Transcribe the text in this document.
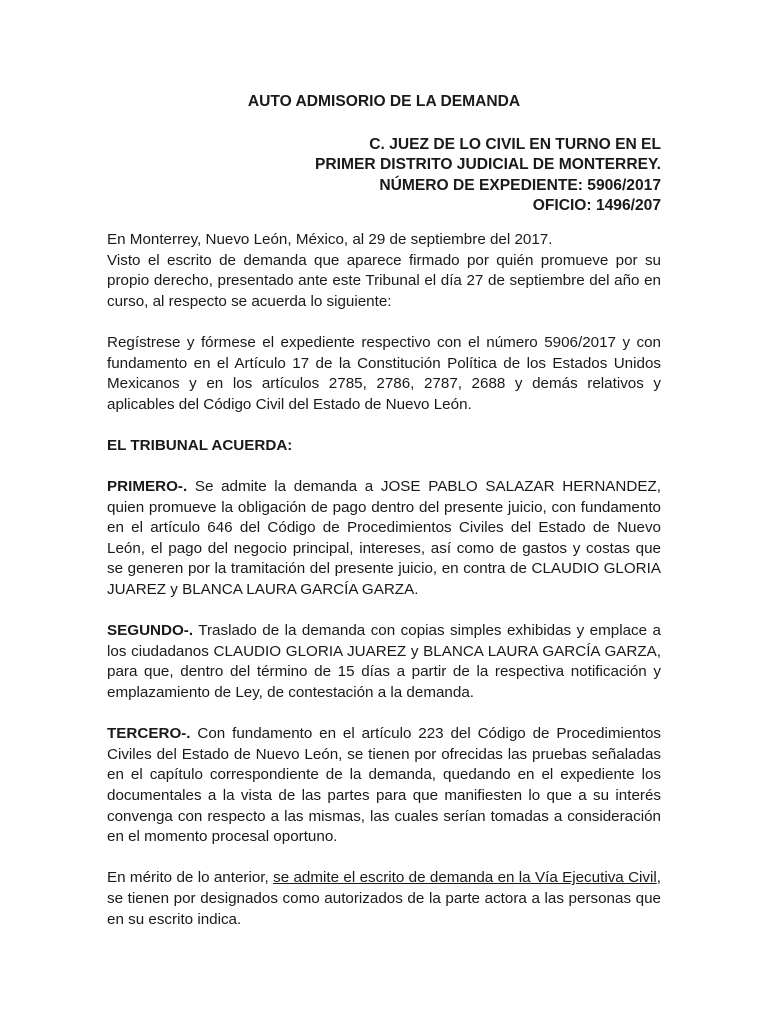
AUTO ADMISORIO DE LA DEMANDA
C. JUEZ DE LO CIVIL EN TURNO EN EL
PRIMER DISTRITO JUDICIAL DE MONTERREY.
NÚMERO DE EXPEDIENTE: 5906/2017
OFICIO: 1496/207

En Monterrey, Nuevo León, México, al 29 de septiembre del 2017.

Visto el escrito de demanda que aparece firmado por quién promueve por su propio derecho, presentado ante este Tribunal el día 27 de septiembre del año en curso, al respecto se acuerda lo siguiente:

Regístrese y fórmese el expediente respectivo con el número 5906/2017 y con fundamento en el Artículo 17 de la Constitución Política de los Estados Unidos Mexicanos y en los artículos 2785, 2786, 2787, 2688 y demás relativos y aplicables del Código Civil del Estado de Nuevo León.

EL TRIBUNAL ACUERDA:

PRIMERO-. Se admite la demanda a JOSE PABLO SALAZAR HERNANDEZ, quien promueve la obligación de pago dentro del presente juicio, con fundamento en el artículo 646 del Código de Procedimientos Civiles del Estado de Nuevo León, el pago del negocio principal, intereses, así como de gastos y costas que se generen por la tramitación del presente juicio, en contra de CLAUDIO GLORIA JUAREZ y BLANCA LAURA GARCÍA GARZA.

SEGUNDO-. Traslado de la demanda con copias simples exhibidas y emplace a los ciudadanos CLAUDIO GLORIA JUAREZ y BLANCA LAURA GARCÍA GARZA, para que, dentro del término de 15 días a partir de la respectiva notificación y emplazamiento de Ley, de contestación a la demanda.

TERCERO-. Con fundamento en el artículo 223 del Código de Procedimientos Civiles del Estado de Nuevo León, se tienen por ofrecidas las pruebas señaladas en el capítulo correspondiente de la demanda, quedando en el expediente los documentales a la vista de las partes para que manifiesten lo que a su interés convenga con respecto a las mismas, las cuales serían tomadas a consideración en el momento procesal oportuno.

En mérito de lo anterior, se admite el escrito de demanda en la Vía Ejecutiva Civil, se tienen por designados como autorizados de la parte actora a las personas que en su escrito indica.
